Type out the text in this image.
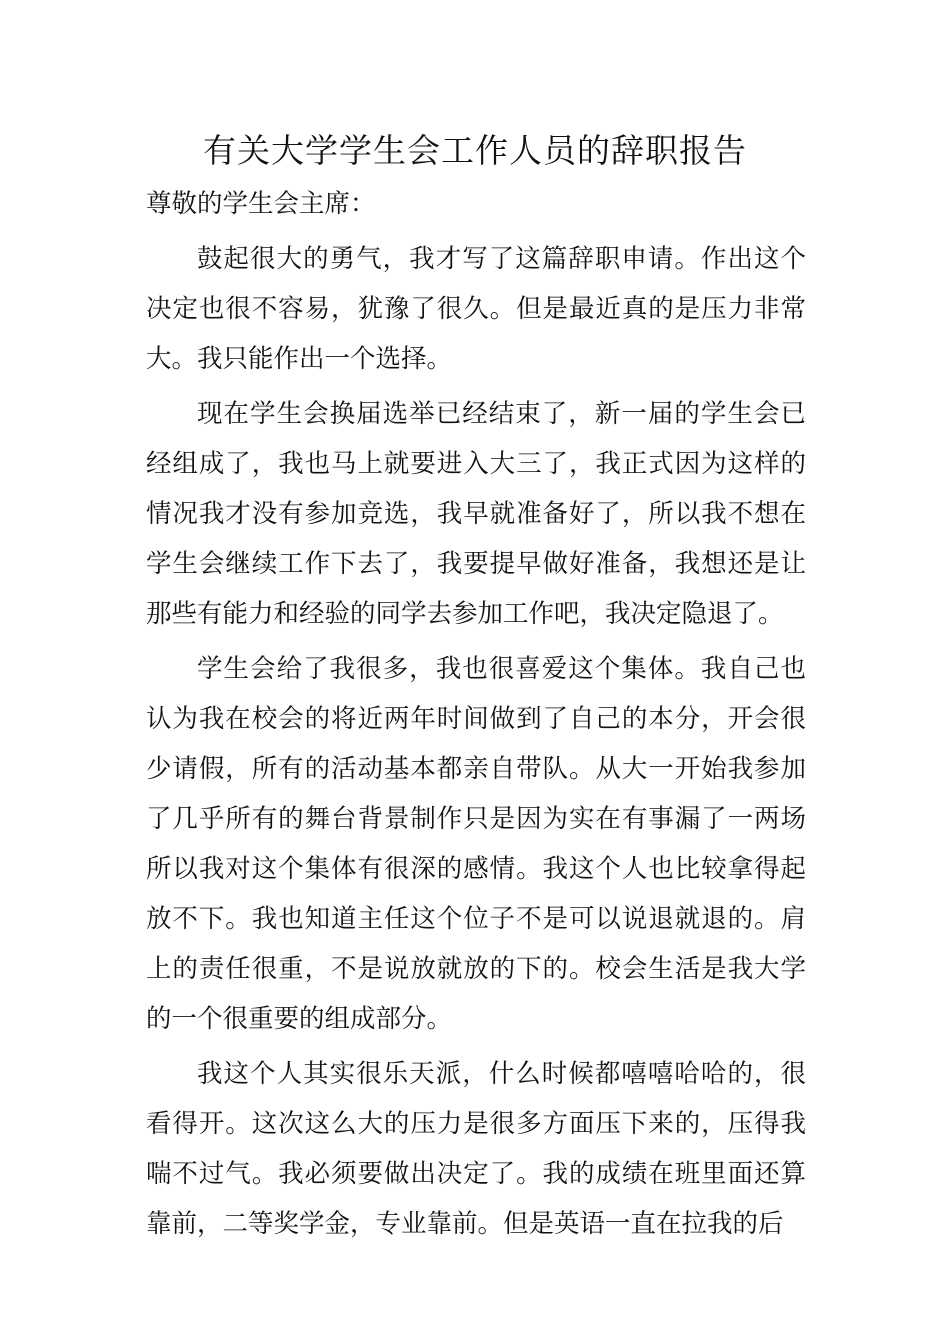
有关大学学生会工作人员的辞职报告

尊敬的学生会主席：

鼓起很大的勇气，我才写了这篇辞职申请。作出这个决定也很不容易，犹豫了很久。但是最近真的是压力非常大。我只能作出一个选择。

现在学生会换届选举已经结束了，新一届的学生会已经组成了，我也马上就要进入大三了，我正式因为这样的情况我才没有参加竞选，我早就准备好了，所以我不想在学生会继续工作下去了，我要提早做好准备，我想还是让那些有能力和经验的同学去参加工作吧，我决定隐退了。

学生会给了我很多，我也很喜爱这个集体。我自己也认为我在校会的将近两年时间做到了自己的本分，开会很少请假，所有的活动基本都亲自带队。从大一开始我参加了几乎所有的舞台背景制作只是因为实在有事漏了一两场所以我对这个集体有很深的感情。我这个人也比较拿得起放不下。我也知道主任这个位子不是可以说退就退的。肩上的责任很重，不是说放就放的下的。校会生活是我大学的一个很重要的组成部分。

我这个人其实很乐天派，什么时候都嘻嘻哈哈的，很看得开。这次这么大的压力是很多方面压下来的，压得我喘不过气。我必须要做出决定了。我的成绩在班里面还算靠前，二等奖学金，专业靠前。但是英语一直在拉我的后
